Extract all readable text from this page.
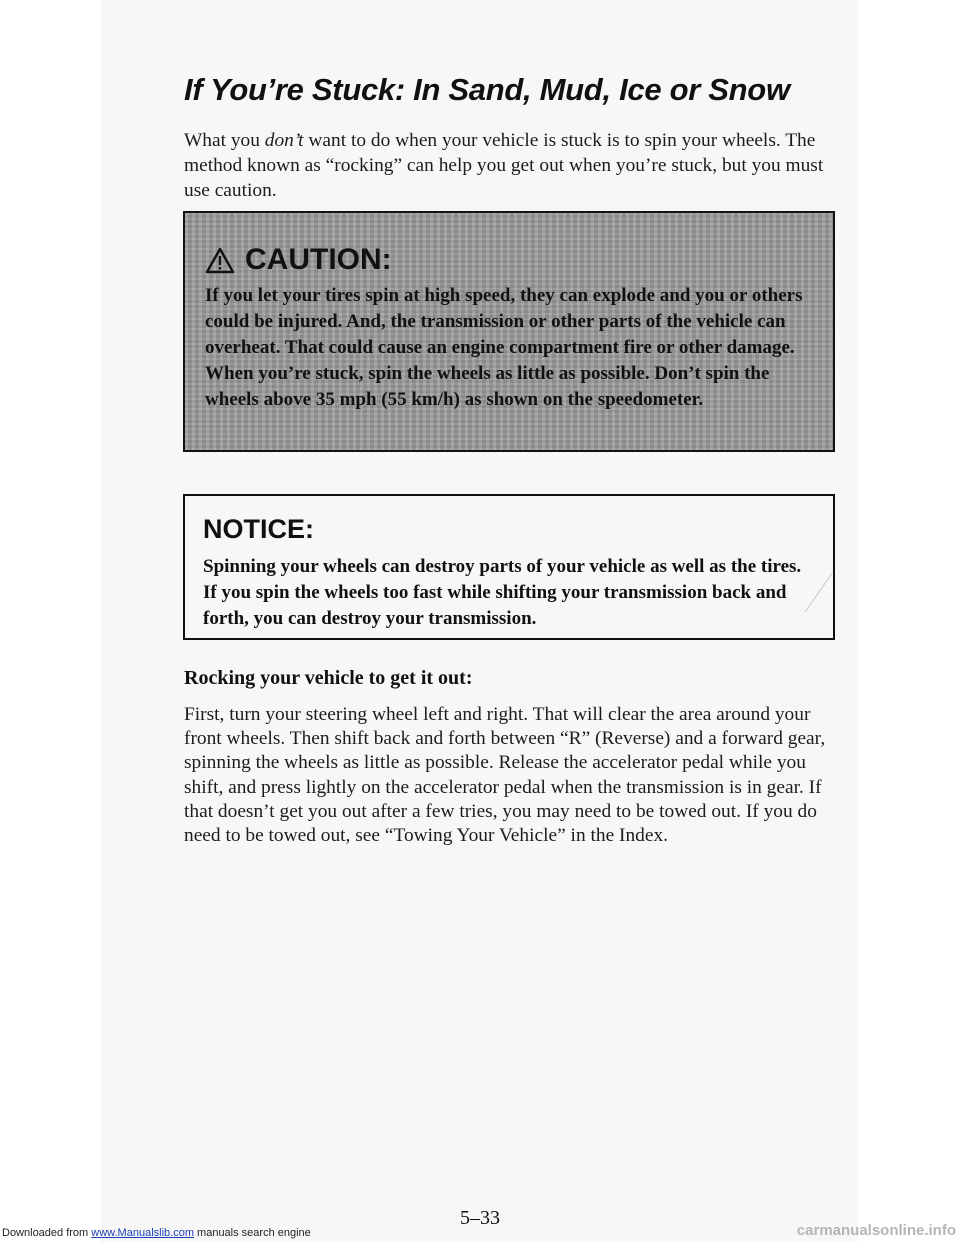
If You’re Stuck: In Sand, Mud, Ice or Snow

What you don’t want to do when your vehicle is stuck is to spin your wheels. The method known as “rocking” can help you get out when you’re stuck, but you must use caution.

CAUTION:

If you let your tires spin at high speed, they can explode and you or others could be injured. And, the transmission or other parts of the vehicle can overheat. That could cause an engine compartment fire or other damage. When you’re stuck, spin the wheels as little as possible. Don’t spin the wheels above 35 mph (55 km/h) as shown on the speedometer.

NOTICE:

Spinning your wheels can destroy parts of your vehicle as well as the tires. If you spin the wheels too fast while shifting your transmission back and forth, you can destroy your transmission.

Rocking your vehicle to get it out:

First, turn your steering wheel left and right. That will clear the area around your front wheels. Then shift back and forth between “R” (Reverse) and a forward gear, spinning the wheels as little as possible. Release the accelerator pedal while you shift, and press lightly on the accelerator pedal when the transmission is in gear. If that doesn’t get you out after a few tries, you may need to be towed out. If you do need to be towed out, see “Towing Your Vehicle” in the Index.

5–33
Downloaded from www.Manualslib.com manuals search engine	carmanualsonline.info
